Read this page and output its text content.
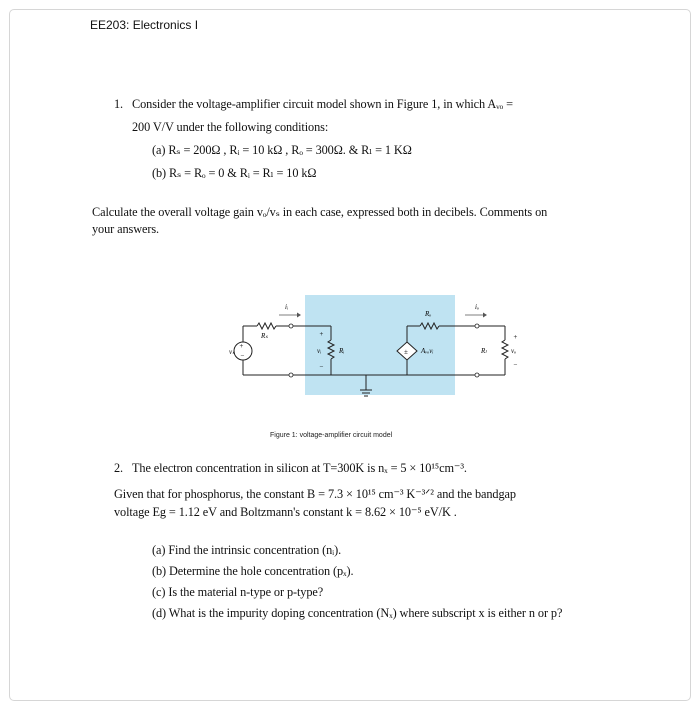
EE203: Electronics I
1. Consider the voltage-amplifier circuit model shown in Figure 1, in which Aᵥₒ =
200 V/V under the following conditions:
(a) Rₛ = 200Ω , Rᵢ = 10 kΩ , Rₒ = 300Ω. & Rₗ = 1 KΩ
(b) Rₛ = Rₒ = 0 & Rᵢ = Rₗ = 10 kΩ
Calculate the overall voltage gain vₒ/vₛ in each case, expressed both in decibels. Comments on
your answers.
+
−	±
Rₛ
vₛ
iᵢ
+
vᵢ
−
Rᵢ
Rₒ
Aᵥₒvᵢ
iₒ
Rₗ
+
vₒ
−
Figure 1: voltage-amplifier circuit model
2. The electron concentration in silicon at T=300K is nₓ = 5 × 10¹⁵cm⁻³.
Given that for phosphorus, the constant B = 7.3 × 10¹⁵ cm⁻³ K⁻³ᐟ² and the bandgap
voltage Eg = 1.12 eV and Boltzmann's constant k = 8.62 × 10⁻⁵ eV/K .
(a) Find the intrinsic concentration (nᵢ).
(b) Determine the hole concentration (pₓ).
(c) Is the material n-type or p-type?
(d) What is the impurity doping concentration (Nₓ) where subscript x is either n or p?
